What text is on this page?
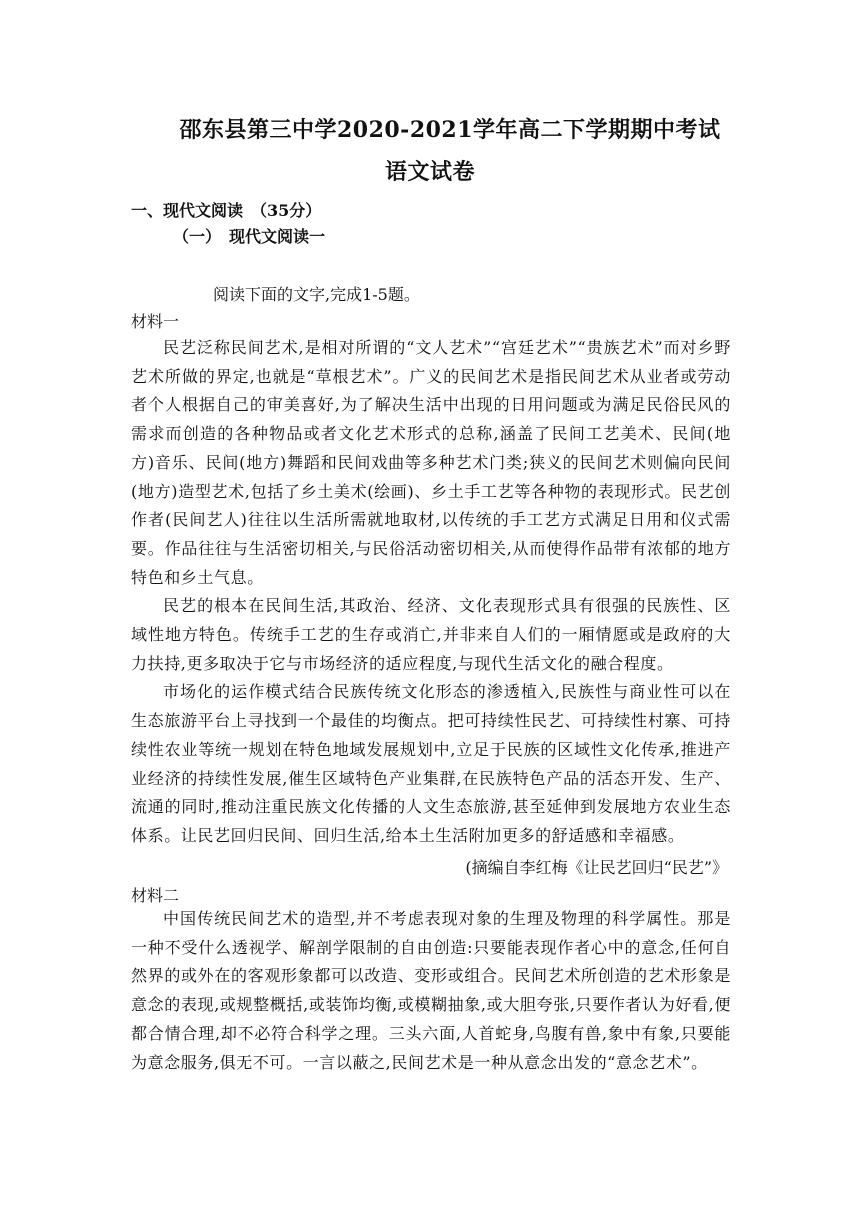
邵东县第三中学2020-2021学年高二下学期期中考试
语文试卷
一、现代文阅读　（35分）
（一）　现代文阅读一
阅读下面的文字,完成1-5题。
材料一

民艺泛称民间艺术,是相对所谓的“文人艺术”“宫廷艺术”“贵族艺术”而对乡野艺术所做的界定,也就是“草根艺术”。广义的民间艺术是指民间艺术从业者或劳动者个人根据自己的审美喜好,为了解决生活中出现的日用问题或为满足民俗民风的需求而创造的各种物品或者文化艺术形式的总称,涵盖了民间工艺美术、民间(地方)音乐、民间(地方)舞蹈和民间戏曲等多种艺术门类;狭义的民间艺术则偏向民间(地方)造型艺术,包括了乡土美术(绘画)、乡土手工艺等各种物的表现形式。民艺创作者(民间艺人)往往以生活所需就地取材,以传统的手工艺方式满足日用和仪式需要。作品往往与生活密切相关,与民俗活动密切相关,从而使得作品带有浓郁的地方特色和乡土气息。

民艺的根本在民间生活,其政治、经济、文化表现形式具有很强的民族性、区域性地方特色。传统手工艺的生存或消亡,并非来自人们的一厢情愿或是政府的大力扶持,更多取决于它与市场经济的适应程度,与现代生活文化的融合程度。

市场化的运作模式结合民族传统文化形态的渗透植入,民族性与商业性可以在生态旅游平台上寻找到一个最佳的均衡点。把可持续性民艺、可持续性村寨、可持续性农业等统一规划在特色地域发展规划中,立足于民族的区域性文化传承,推进产业经济的持续性发展,催生区域特色产业集群,在民族特色产品的活态开发、生产、流通的同时,推动注重民族文化传播的人文生态旅游,甚至延伸到发展地方农业生态体系。让民艺回归民间、回归生活,给本土生活附加更多的舒适感和幸福感。

(摘编自李红梅《让民艺回归“民艺”》
材料二

中国传统民间艺术的造型,并不考虑表现对象的生理及物理的科学属性。那是一种不受什么透视学、解剖学限制的自由创造:只要能表现作者心中的意念,任何自然界的或外在的客观形象都可以改造、变形或组合。民间艺术所创造的艺术形象是意念的表现,或规整概括,或装饰均衡,或模糊抽象,或大胆夸张,只要作者认为好看,便都合情合理,却不必符合科学之理。三头六面,人首蛇身,鸟腹有兽,象中有象,只要能为意念服务,俱无不可。一言以蔽之,民间艺术是一种从意念出发的“意念艺术”。
